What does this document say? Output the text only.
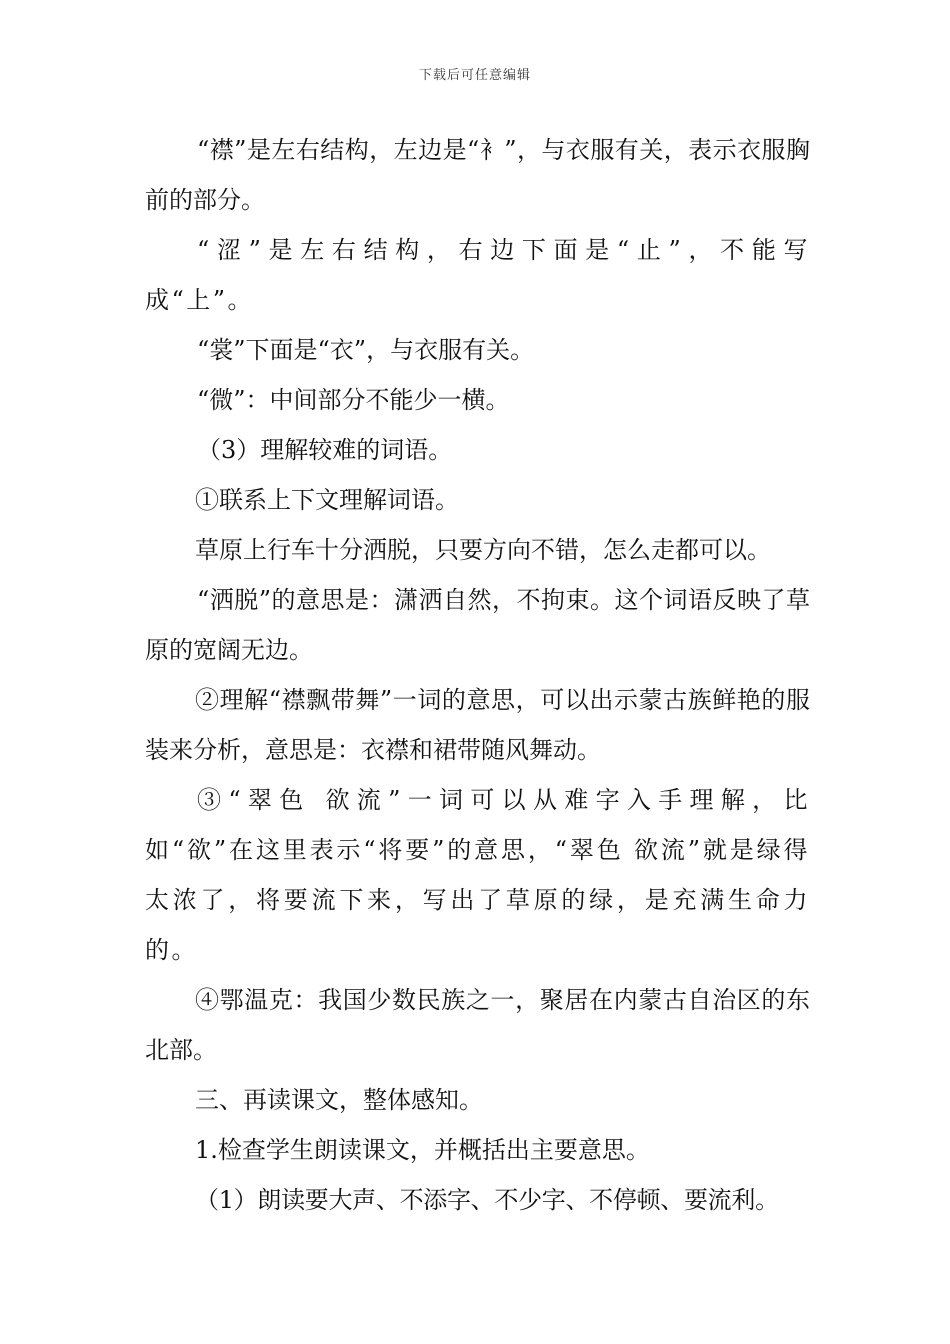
下载后可任意编辑

“襟”是左右结构，左边是“衤”，与衣服有关，表示衣服胸前的部分。

“涩”是左右结构，右边下面是“止”，不能写成“上”。

“裳”下面是“衣”，与衣服有关。

“微”：中间部分不能少一横。

（3）理解较难的词语。

①联系上下文理解词语。

草原上行车十分洒脱，只要方向不错，怎么走都可以。

“洒脱”的意思是：潇洒自然，不拘束。这个词语反映了草原的宽阔无边。

②理解“襟飘带舞”一词的意思，可以出示蒙古族鲜艳的服装来分析，意思是：衣襟和裙带随风舞动。

③“翠色 欲流”一词可以从难字入手理解，比如“欲”在这里表示“将要”的意思，“翠色 欲流”就是绿得太浓了，将要流下来，写出了草原的绿，是充满生命力的。

④鄂温克：我国少数民族之一，聚居在内蒙古自治区的东北部。

三、再读课文，整体感知。

1.检查学生朗读课文，并概括出主要意思。

（1）朗读要大声、不添字、不少字、不停顿、要流利。
